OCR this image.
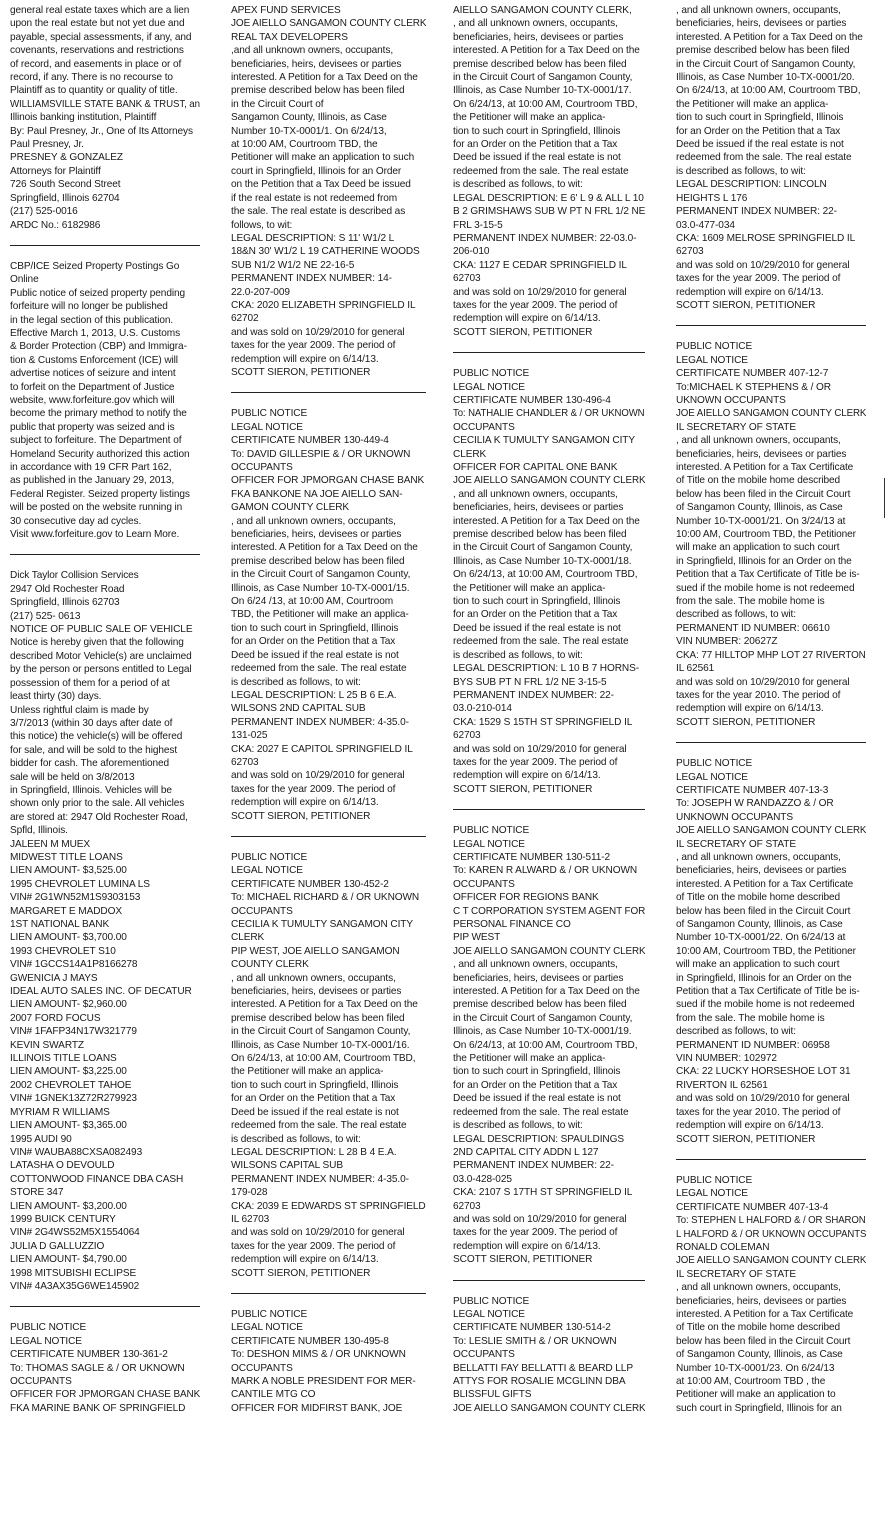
general real estate taxes which are a lien
upon the real estate but not yet due and
payable, special assessments, if any, and
covenants, reservations and restrictions
of record, and easements in place or of
record, if any. There is no recourse to
Plaintiff as to quantity or quality of title.
WILLIAMSVILLE STATE BANK & TRUST, an
Illinois banking institution, Plaintiff
By: Paul Presney, Jr., One of Its Attorneys
Paul Presney, Jr.
PRESNEY & GONZALEZ
Attorneys for Plaintiff
726 South Second Street
Springfield, Illinois 62704
(217) 525-0016
ARDC No.: 6182986
CBP/ICE Seized Property Postings Go
Online
Public notice of seized property pending
forfeiture will no longer be published
in the legal section of this publication.
Effective March 1, 2013, U.S. Customs
& Border Protection (CBP) and Immigra-
tion & Customs Enforcement (ICE) will
advertise notices of seizure and intent
to forfeit on the Department of Justice
website, www.forfeiture.gov which will
become the primary method to notify the
public that property was seized and is
subject to forfeiture. The Department of
Homeland Security authorized this action
in accordance with 19 CFR Part 162,
as published in the January 29, 2013,
Federal Register. Seized property listings
will be posted on the website running in
30 consecutive day ad cycles.
Visit www.forfeiture.gov to Learn More.
Dick Taylor Collision Services
2947 Old Rochester Road
Springfield, Illinois 62703
(217) 525- 0613
NOTICE OF PUBLIC SALE OF VEHICLE
Notice is hereby given that the following
described Motor Vehicle(s) are unclaimed
by the person or persons entitled to Legal
possession of them for a period of at
least thirty (30) days.
Unless rightful claim is made by
3/7/2013 (within 30 days after date of
this notice) the vehicle(s) will be offered
for sale, and will be sold to the highest
bidder for cash. The aforementioned
sale will be held on 3/8/2013
in Springfield, Illinois. Vehicles will be
shown only prior to the sale. All vehicles
are stored at: 2947 Old Rochester Road,
Spfld, Illinois.
JALEEN M MUEX
MIDWEST TITLE LOANS
LIEN AMOUNT- $3,525.00
1995 CHEVROLET LUMINA LS
VIN# 2G1WN52M1S9303153
MARGARET E MADDOX
1ST NATIONAL BANK
LIEN AMOUNT- $3,700.00
1993 CHEVROLET S10
VIN# 1GCCS14A1P8166278
GWENICIA J MAYS
IDEAL AUTO SALES INC. OF DECATUR
LIEN AMOUNT- $2,960.00
2007 FORD FOCUS
VIN# 1FAFP34N17W321779
KEVIN SWARTZ
ILLINOIS TITLE LOANS
LIEN AMOUNT- $3,225.00
2002 CHEVROLET TAHOE
VIN# 1GNEK13Z72R279923
MYRIAM R WILLIAMS
LIEN AMOUNT- $3,365.00
1995 AUDI 90
VIN# WAUBA88CXSA082493
LATASHA O DEVOULD
COTTONWOOD FINANCE DBA CASH
STORE 347
LIEN AMOUNT- $3,200.00
1999 BUICK CENTURY
VIN# 2G4WS52M5X1554064
JULIA D GALLUZZIO
LIEN AMOUNT- $4,790.00
1998 MITSUBISHI ECLIPSE
VIN# 4A3AX35G6WE145902
PUBLIC NOTICE
LEGAL NOTICE
CERTIFICATE NUMBER 130-361-2
To: THOMAS SAGLE & / OR UKNOWN
OCCUPANTS
OFFICER FOR JPMORGAN CHASE BANK
FKA MARINE BANK OF SPRINGFIELD
APEX FUND SERVICES
JOE AIELLO SANGAMON COUNTY CLERK
REAL TAX DEVELOPERS
,and all unknown owners, occupants,
beneficiaries, heirs, devisees or parties
interested. A Petition for a Tax Deed on the
premise described below has been filed
in the Circuit Court of
Sangamon County, Illinois, as Case
Number 10-TX-0001/1. On 6/24/13,
at 10:00 AM, Courtroom TBD, the
Petitioner will make an application to such
court in Springfield, Illinois for an Order
on the Petition that a Tax Deed be issued
if the real estate is not redeemed from
the sale. The real estate is described as
follows, to wit:
LEGAL DESCRIPTION: S 11' W1/2 L
18&N 30' W1/2 L 19 CATHERINE WOODS
SUB N1/2 W1/2 NE 22-16-5
PERMANENT INDEX NUMBER: 14-
22.0-207-009
CKA: 2020 ELIZABETH SPRINGFIELD IL
62702
and was sold on 10/29/2010 for general
taxes for the year 2009. The period of
redemption will expire on 6/14/13.
SCOTT SIERON, PETITIONER
PUBLIC NOTICE
LEGAL NOTICE
CERTIFICATE NUMBER 130-449-4
To: DAVID GILLESPIE & / OR UKNOWN
OCCUPANTS
OFFICER FOR JPMORGAN CHASE BANK
FKA BANKONE NA JOE AIELLO SAN-
GAMON COUNTY CLERK
, and all unknown owners, occupants,
beneficiaries, heirs, devisees or parties
interested. A Petition for a Tax Deed on the
premise described below has been filed
in the Circuit Court of Sangamon County,
Illinois, as Case Number 10-TX-0001/15.
On 6/24 /13, at 10:00 AM, Courtroom
TBD, the Petitioner will make an applica-
tion to such court in Springfield, Illinois
for an Order on the Petition that a Tax
Deed be issued if the real estate is not
redeemed from the sale. The real estate
is described as follows, to wit:
LEGAL DESCRIPTION: L 25 B 6 E.A.
WILSONS 2ND CAPITAL SUB
PERMANENT INDEX NUMBER: 4-35.0-
131-025
CKA: 2027 E CAPITOL SPRINGFIELD IL
62703
and was sold on 10/29/2010 for general
taxes for the year 2009. The period of
redemption will expire on 6/14/13.
SCOTT SIERON, PETITIONER
PUBLIC NOTICE
LEGAL NOTICE
CERTIFICATE NUMBER 130-452-2
To: MICHAEL RICHARD & / OR UKNOWN
OCCUPANTS
CECILIA K TUMULTY SANGAMON CITY
CLERK
PIP WEST, JOE AIELLO SANGAMON
COUNTY CLERK
, and all unknown owners, occupants,
beneficiaries, heirs, devisees or parties
interested. A Petition for a Tax Deed on the
premise described below has been filed
in the Circuit Court of Sangamon County,
Illinois, as Case Number 10-TX-0001/16.
On 6/24/13, at 10:00 AM, Courtroom TBD,
the Petitioner will make an applica-
tion to such court in Springfield, Illinois
for an Order on the Petition that a Tax
Deed be issued if the real estate is not
redeemed from the sale. The real estate
is described as follows, to wit:
LEGAL DESCRIPTION: L 28 B 4 E.A.
WILSONS CAPITAL SUB
PERMANENT INDEX NUMBER: 4-35.0-
179-028
CKA: 2039 E EDWARDS ST SPRINGFIELD
IL 62703
and was sold on 10/29/2010 for general
taxes for the year 2009. The period of
redemption will expire on 6/14/13.
SCOTT SIERON, PETITIONER
PUBLIC NOTICE
LEGAL NOTICE
CERTIFICATE NUMBER 130-495-8
To: DESHON MIMS & / OR UNKNOWN
OCCUPANTS
MARK A NOBLE PRESIDENT FOR MER-
CANTILE MTG CO
OFFICER FOR MIDFIRST BANK, JOE
AIELLO SANGAMON COUNTY CLERK,
, and all unknown owners, occupants,
beneficiaries, heirs, devisees or parties
interested. A Petition for a Tax Deed on the
premise described below has been filed
in the Circuit Court of Sangamon County,
Illinois, as Case Number 10-TX-0001/17.
On 6/24/13, at 10:00 AM, Courtroom TBD,
the Petitioner will make an applica-
tion to such court in Springfield, Illinois
for an Order on the Petition that a Tax
Deed be issued if the real estate is not
redeemed from the sale. The real estate
is described as follows, to wit:
LEGAL DESCRIPTION: E 6' L 9 & ALL L 10
B 2 GRIMSHAWS SUB W PT N FRL 1/2 NE
FRL 3-15-5
PERMANENT INDEX NUMBER: 22-03.0-
206-010
CKA: 1127 E CEDAR SPRINGFIELD IL
62703
and was sold on 10/29/2010 for general
taxes for the year 2009. The period of
redemption will expire on 6/14/13.
SCOTT SIERON, PETITIONER
PUBLIC NOTICE
LEGAL NOTICE
CERTIFICATE NUMBER 130-496-4
To: NATHALIE CHANDLER & / OR UKNOWN
OCCUPANTS
CECILIA K TUMULTY SANGAMON CITY
CLERK
OFFICER FOR CAPITAL ONE BANK
JOE AIELLO SANGAMON COUNTY CLERK
, and all unknown owners, occupants,
beneficiaries, heirs, devisees or parties
interested. A Petition for a Tax Deed on the
premise described below has been filed
in the Circuit Court of Sangamon County,
Illinois, as Case Number 10-TX-0001/18.
On 6/24/13, at 10:00 AM, Courtroom TBD,
the Petitioner will make an applica-
tion to such court in Springfield, Illinois
for an Order on the Petition that a Tax
Deed be issued if the real estate is not
redeemed from the sale. The real estate
is described as follows, to wit:
LEGAL DESCRIPTION: L 10 B 7 HORNS-
BYS SUB PT N FRL 1/2 NE 3-15-5
PERMANENT INDEX NUMBER: 22-
03.0-210-014
CKA: 1529 S 15TH ST SPRINGFIELD IL
62703
and was sold on 10/29/2010 for general
taxes for the year 2009. The period of
redemption will expire on 6/14/13.
SCOTT SIERON, PETITIONER
PUBLIC NOTICE
LEGAL NOTICE
CERTIFICATE NUMBER 130-511-2
To: KAREN R ALWARD & / OR UKNOWN
OCCUPANTS
OFFICER FOR REGIONS BANK
C T CORPORATION SYSTEM AGENT FOR
PERSONAL FINANCE CO
PIP WEST
JOE AIELLO SANGAMON COUNTY CLERK
, and all unknown owners, occupants,
beneficiaries, heirs, devisees or parties
interested. A Petition for a Tax Deed on the
premise described below has been filed
in the Circuit Court of Sangamon County,
Illinois, as Case Number 10-TX-0001/19.
On 6/24/13, at 10:00 AM, Courtroom TBD,
the Petitioner will make an applica-
tion to such court in Springfield, Illinois
for an Order on the Petition that a Tax
Deed be issued if the real estate is not
redeemed from the sale. The real estate
is described as follows, to wit:
LEGAL DESCRIPTION: SPAULDINGS
2ND CAPITAL CITY ADDN L 127
PERMANENT INDEX NUMBER: 22-
03.0-428-025
CKA: 2107 S 17TH ST SPRINGFIELD IL
62703
and was sold on 10/29/2010 for general
taxes for the year 2009. The period of
redemption will expire on 6/14/13.
SCOTT SIERON, PETITIONER
PUBLIC NOTICE
LEGAL NOTICE
CERTIFICATE NUMBER 130-514-2
To: LESLIE SMITH & / OR UKNOWN
OCCUPANTS
BELLATTI FAY BELLATTI & BEARD LLP
ATTYS FOR ROSALIE MCGLINN DBA
BLISSFUL GIFTS
JOE AIELLO SANGAMON COUNTY CLERK
, and all unknown owners, occupants,
beneficiaries, heirs, devisees or parties
interested. A Petition for a Tax Deed on the
premise described below has been filed
in the Circuit Court of Sangamon County,
Illinois, as Case Number 10-TX-0001/20.
On 6/24/13, at 10:00 AM, Courtroom TBD,
the Petitioner will make an applica-
tion to such court in Springfield, Illinois
for an Order on the Petition that a Tax
Deed be issued if the real estate is not
redeemed from the sale. The real estate
is described as follows, to wit:
LEGAL DESCRIPTION: LINCOLN
HEIGHTS L 176
PERMANENT INDEX NUMBER: 22-
03.0-477-034
CKA: 1609 MELROSE SPRINGFIELD IL
62703
and was sold on 10/29/2010 for general
taxes for the year 2009. The period of
redemption will expire on 6/14/13.
SCOTT SIERON, PETITIONER
PUBLIC NOTICE
LEGAL NOTICE
CERTIFICATE NUMBER 407-12-7
To:MICHAEL K STEPHENS & / OR
UKNOWN OCCUPANTS
JOE AIELLO SANGAMON COUNTY CLERK
IL SECRETARY OF STATE
, and all unknown owners, occupants,
beneficiaries, heirs, devisees or parties
interested. A Petition for a Tax Certificate
of Title on the mobile home described
below has been filed in the Circuit Court
of Sangamon County, Illinois, as Case
Number 10-TX-0001/21. On 3/24/13 at
10:00 AM, Courtroom TBD, the Petitioner
will make an application to such court
in Springfield, Illinois for an Order on the
Petition that a Tax Certificate of Title be is-
sued if the mobile home is not redeemed
from the sale. The mobile home is
described as follows, to wit:
PERMANENT ID NUMBER: 06610
VIN NUMBER: 20627Z
CKA: 77 HILLTOP MHP LOT 27 RIVERTON
IL 62561
and was sold on 10/29/2010 for general
taxes for the year 2010. The period of
redemption will expire on 6/14/13.
SCOTT SIERON, PETITIONER
PUBLIC NOTICE
LEGAL NOTICE
CERTIFICATE NUMBER 407-13-3
To: JOSEPH W RANDAZZO & / OR
UNKNOWN OCCUPANTS
JOE AIELLO SANGAMON COUNTY CLERK
IL SECRETARY OF STATE
, and all unknown owners, occupants,
beneficiaries, heirs, devisees or parties
interested. A Petition for a Tax Certificate
of Title on the mobile home described
below has been filed in the Circuit Court
of Sangamon County, Illinois, as Case
Number 10-TX-0001/22. On 6/24/13 at
10:00 AM, Courtroom TBD, the Petitioner
will make an application to such court
in Springfield, Illinois for an Order on the
Petition that a Tax Certificate of Title be is-
sued if the mobile home is not redeemed
from the sale. The mobile home is
described as follows, to wit:
PERMANENT ID NUMBER: 06958
VIN NUMBER: 102972
CKA: 22 LUCKY HORSESHOE LOT 31
RIVERTON IL 62561
and was sold on 10/29/2010 for general
taxes for the year 2010. The period of
redemption will expire on 6/14/13.
SCOTT SIERON, PETITIONER
PUBLIC NOTICE
LEGAL NOTICE
CERTIFICATE NUMBER 407-13-4
To: STEPHEN L HALFORD & / OR SHARON
L HALFORD & / OR UKNOWN OCCUPANTS
RONALD COLEMAN
JOE AIELLO SANGAMON COUNTY CLERK
IL SECRETARY OF STATE
, and all unknown owners, occupants,
beneficiaries, heirs, devisees or parties
interested. A Petition for a Tax Certificate
of Title on the mobile home described
below has been filed in the Circuit Court
of Sangamon County, Illinois, as Case
Number 10-TX-0001/23. On 6/24/13
at 10:00 AM, Courtroom TBD , the
Petitioner will make an application to
such court in Springfield, Illinois for an
